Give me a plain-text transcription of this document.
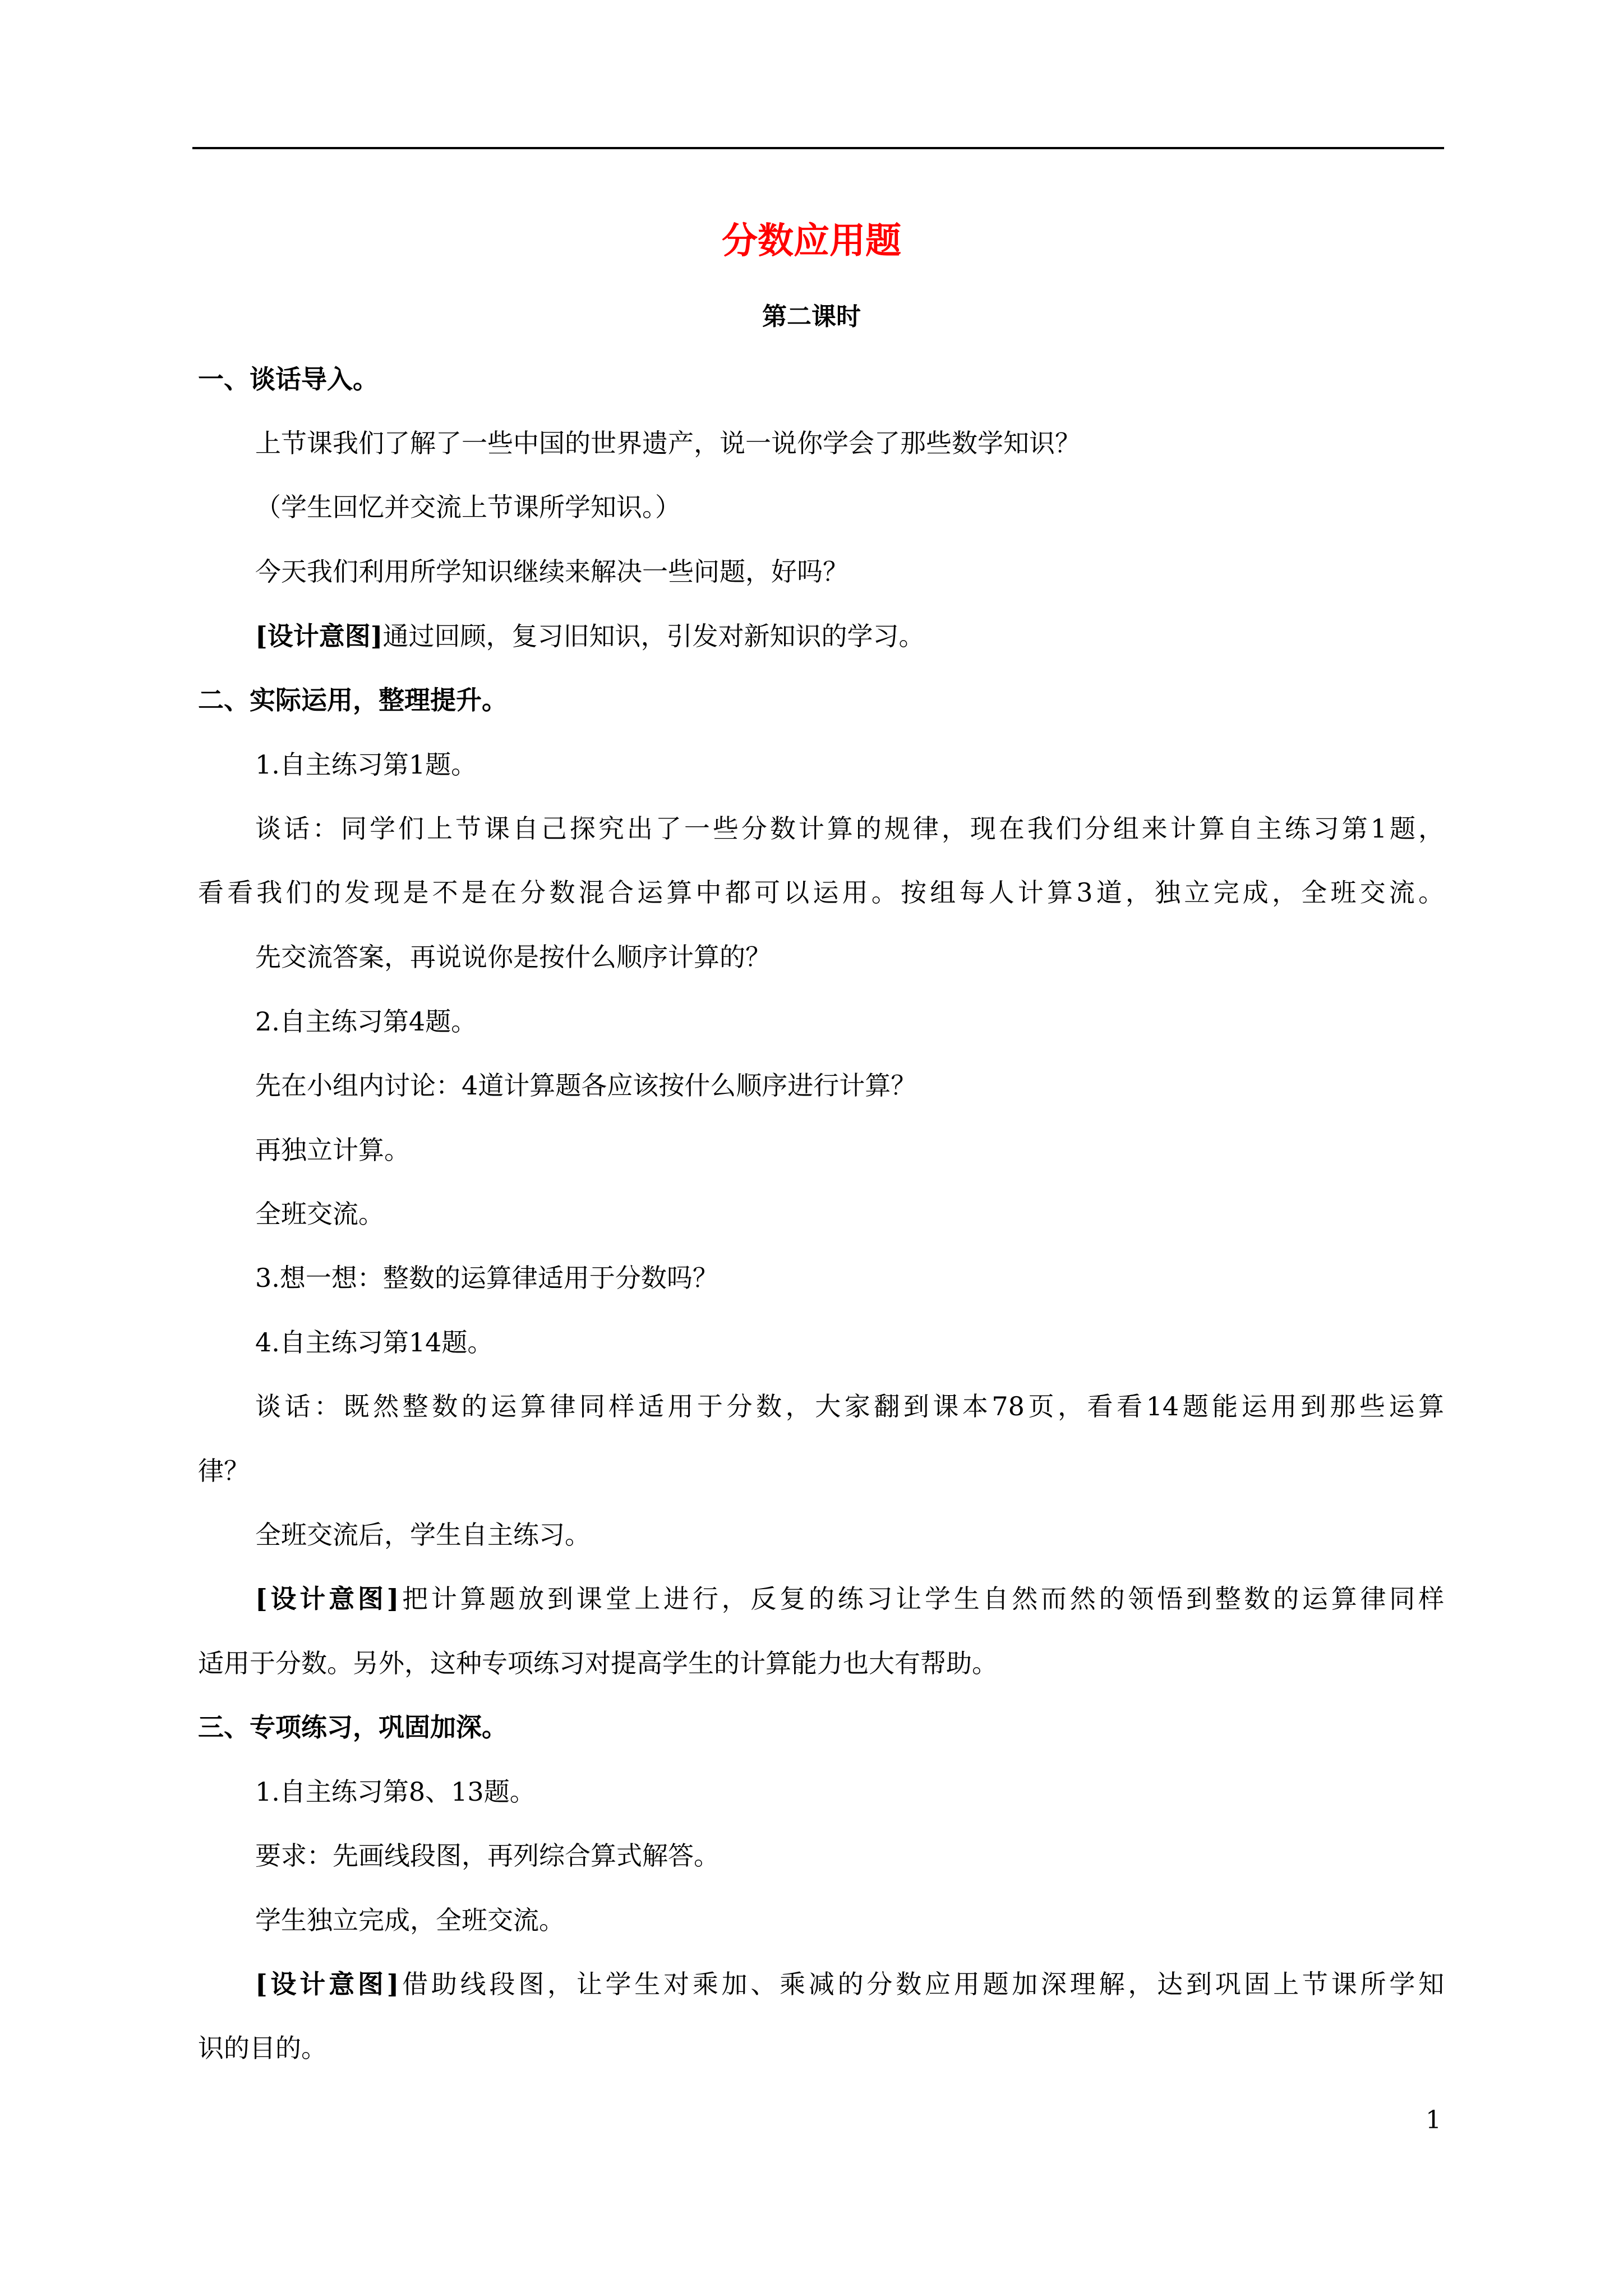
分数应用题
第二课时
一、谈话导入。
上节课我们了解了一些中国的世界遗产，说一说你学会了那些数学知识？
（学生回忆并交流上节课所学知识。）
今天我们利用所学知识继续来解决一些问题，好吗？
[设计意图]通过回顾，复习旧知识，引发对新知识的学习。
二、实际运用，整理提升。
1.自主练习第1题。
谈话：同学们上节课自己探究出了一些分数计算的规律，现在我们分组来计算自主练习第1题，
看看我们的发现是不是在分数混合运算中都可以运用。按组每人计算3道，独立完成，全班交流。
先交流答案，再说说你是按什么顺序计算的？
2.自主练习第4题。
先在小组内讨论：4道计算题各应该按什么顺序进行计算？
再独立计算。
全班交流。
3.想一想：整数的运算律适用于分数吗？
4.自主练习第14题。
谈话：既然整数的运算律同样适用于分数，大家翻到课本78页，看看14题能运用到那些运算
律？
全班交流后，学生自主练习。
[设计意图]把计算题放到课堂上进行，反复的练习让学生自然而然的领悟到整数的运算律同样
适用于分数。另外，这种专项练习对提高学生的计算能力也大有帮助。
三、专项练习，巩固加深。
1.自主练习第8、13题。
要求：先画线段图，再列综合算式解答。
学生独立完成，全班交流。
[设计意图]借助线段图，让学生对乘加、乘减的分数应用题加深理解，达到巩固上节课所学知
识的目的。
1
